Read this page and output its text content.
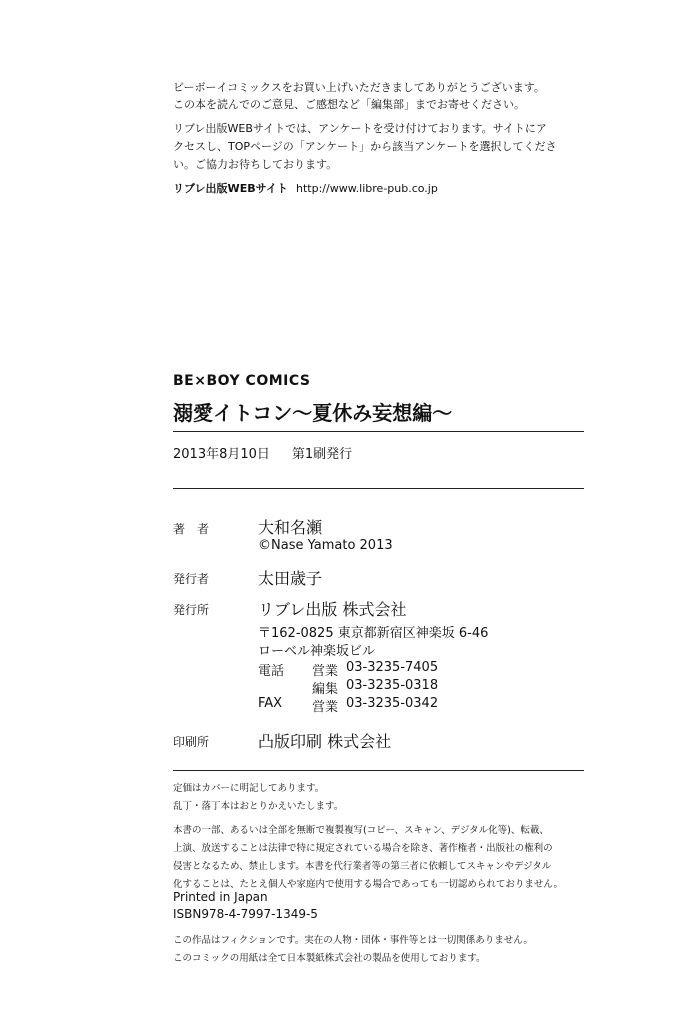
ビーボーイコミックスをお買い上げいただきましてありがとうございます。
この本を読んでのご意見、ご感想など「編集部」までお寄せください。
リブレ出版WEBサイトでは、アンケートを受け付けております。サイトにア
クセスし、TOPページの「アンケート」から該当アンケートを選択してくださ
い。ご協力お待ちしております。
リブレ出版WEBサイト http://www.libre-pub.co.jp
BE×BOY COMICS
溺愛イトコン～夏休み妄想編～
2013年8月10日 第1刷発行
著　者	大和名瀬
©Nase Yamato 2013
発行者	太田歳子
発行所	リブレ出版 株式会社
〒162-0825 東京都新宿区神楽坂 6-46
ローベル神楽坂ビル
電話 営業 03-3235-7405
編集 03-3235-0318
FAX 営業 03-3235-0342
印刷所	凸版印刷 株式会社
定価はカバーに明記してあります。
乱丁・落丁本はおとりかえいたします。
本書の一部、あるいは全部を無断で複製複写(コピー、スキャン、デジタル化等)、転載、
上演、放送することは法律で特に規定されている場合を除き、著作権者・出版社の権利の
侵害となるため、禁止します。本書を代行業者等の第三者に依頼してスキャンやデジタル
化することは、たとえ個人や家庭内で使用する場合であっても一切認められておりません。
Printed in Japan
ISBN978-4-7997-1349-5
この作品はフィクションです。実在の人物・団体・事件等とは一切関係ありません。
このコミックの用紙は全て日本製紙株式会社の製品を使用しております。
